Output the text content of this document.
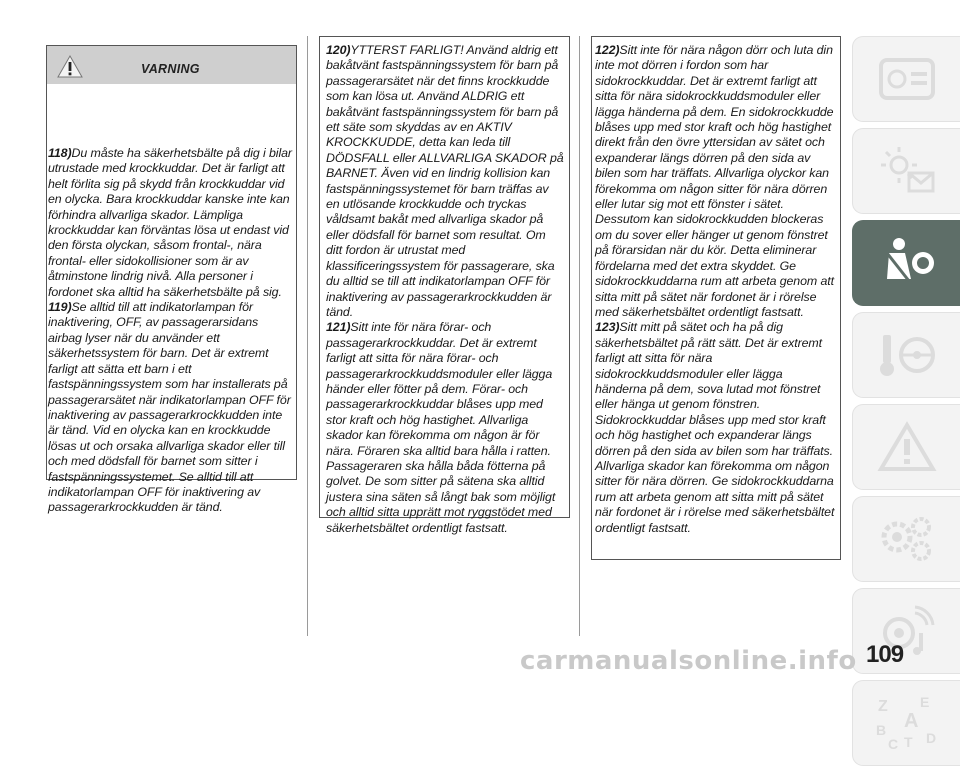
VARNING

118)Du måste ha säkerhetsbälte på dig i bilar utrustade med krockkuddar. Det är farligt att helt förlita sig på skydd från krockkuddar vid en olycka. Bara krockkuddar kanske inte kan förhindra allvarliga skador. Lämpliga krockkuddar kan förväntas lösa ut endast vid den första olyckan, såsom frontal-, nära frontal- eller sidokollisioner som är av åtminstone lindrig nivå. Alla personer i fordonet ska alltid ha säkerhetsbälte på sig.

119)Se alltid till att indikatorlampan för inaktivering, OFF, av passagerarsidans airbag lyser när du använder ett säkerhetssystem för barn. Det är extremt farligt att sätta ett barn i ett fastspänningssystem som har installerats på passagerarsätet när indikatorlampan OFF för inaktivering av passagerarkrockkudden inte är tänd. Vid en olycka kan en krockkudde lösas ut och orsaka allvarliga skador eller till och med dödsfall för barnet som sitter i fastspänningssystemet. Se alltid till att indikatorlampan OFF för inaktivering av passagerarkrockkudden är tänd.

120)YTTERST FARLIGT! Använd aldrig ett bakåtvänt fastspänningssystem för barn på passagerarsätet när det finns krockkudde som kan lösa ut. Använd ALDRIG ett bakåtvänt fastspänningssystem för barn på ett säte som skyddas av en AKTIV KROCKKUDDE, detta kan leda till DÖDSFALL eller ALLVARLIGA SKADOR på BARNET. Även vid en lindrig kollision kan fastspänningssystemet för barn träffas av en utlösande krockkudde och tryckas våldsamt bakåt med allvarliga skador på eller dödsfall för barnet som resultat. Om ditt fordon är utrustat med klassificeringssystem för passagerare, ska du alltid se till att indikatorlampan OFF för inaktivering av passagerarkrockkudden är tänd.

121)Sitt inte för nära förar- och passagerarkrockkuddar. Det är extremt farligt att sitta för nära förar- och passagerarkrockkuddsmoduler eller lägga händer eller fötter på dem. Förar- och passagerarkrockkuddar blåses upp med stor kraft och hög hastighet. Allvarliga skador kan förekomma om någon är för nära. Föraren ska alltid bara hålla i ratten. Passageraren ska hålla båda fötterna på golvet. De som sitter på sätena ska alltid justera sina säten så långt bak som möjligt och alltid sitta upprätt mot ryggstödet med säkerhetsbältet ordentligt fastsatt.

122)Sitt inte för nära någon dörr och luta din inte mot dörren i fordon som har sidokrockkuddar. Det är extremt farligt att sitta för nära sidokrockkuddsmoduler eller lägga händerna på dem. En sidokrockkudde blåses upp med stor kraft och hög hastighet direkt från den övre yttersidan av sätet och expanderar längs dörren på den sida av bilen som har träffats. Allvarliga olyckor kan förekomma om någon sitter för nära dörren eller lutar sig mot ett fönster i sätet. Dessutom kan sidokrockkudden blockeras om du sover eller hänger ut genom fönstret på förarsidan när du kör. Detta eliminerar fördelarna med det extra skyddet. Ge sidokrockkuddarna rum att arbeta genom att sitta mitt på sätet när fordonet är i rörelse med säkerhetsbältet ordentligt fastsatt.

123)Sitt mitt på sätet och ha på dig säkerhetsbältet på rätt sätt. Det är extremt farligt att sitta för nära sidokrockkuddsmoduler eller lägga händerna på dem, sova lutad mot fönstret eller hänga ut genom fönstren. Sidokrockkuddar blåses upp med stor kraft och hög hastighet och expanderar längs dörren på den sida av bilen som har träffats. Allvarliga skador kan förekomma om någon sitter för nära dörren. Ge sidokrockkuddarna rum att arbeta genom att sitta mitt på sätet när fordonet är i rörelse med säkerhetsbältet ordentligt fastsatt.

Z E
A
B
C T D
carmanualsonline.info 109
